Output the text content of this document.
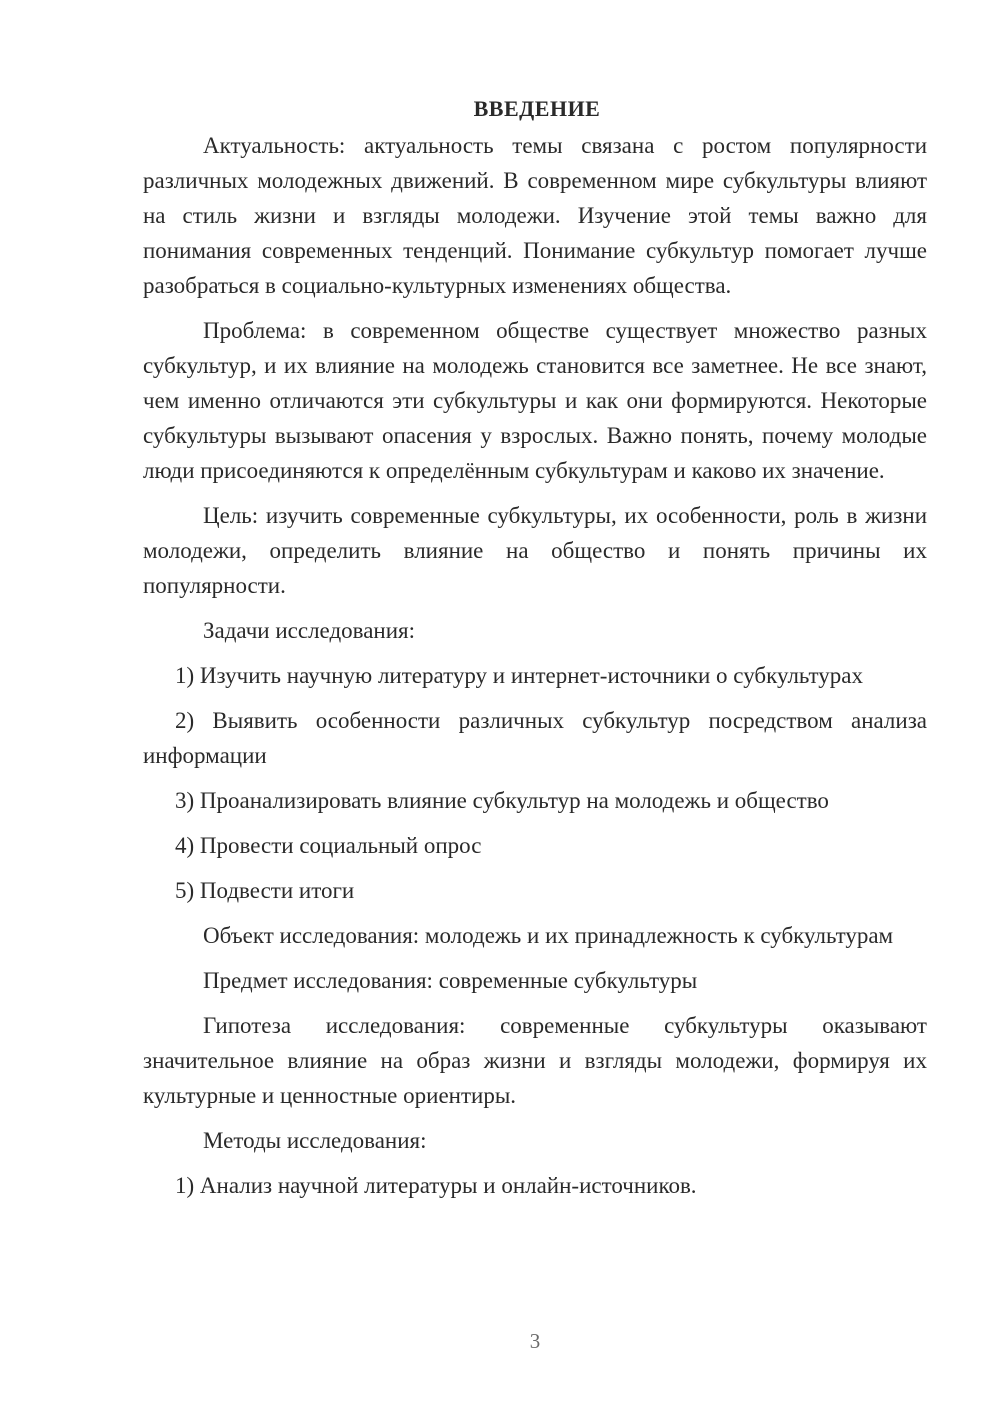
ВВЕДЕНИЕ

Актуальность: актуальность темы связана с ростом популярности различных молодежных движений. В современном мире субкультуры влияют на стиль жизни и взгляды молодежи. Изучение этой темы важно для понимания современных тенденций. Понимание субкультур помогает лучше разобраться в социально-культурных изменениях общества.

Проблема: в современном обществе существует множество разных субкультур, и их влияние на молодежь становится все заметнее. Не все знают, чем именно отличаются эти субкультуры и как они формируются. Некоторые субкультуры вызывают опасения у взрослых. Важно понять, почему молодые люди присоединяются к определённым субкультурам и каково их значение.

Цель: изучить современные субкультуры, их особенности, роль в жизни молодежи, определить влияние на общество и понять причины их популярности.

Задачи исследования:

1) Изучить научную литературу и интернет-источники о субкультурах

2) Выявить особенности различных субкультур посредством анализа информации

3) Проанализировать влияние субкультур на молодежь и общество

4) Провести социальный опрос

5) Подвести итоги

Объект исследования: молодежь и их принадлежность к субкультурам

Предмет исследования: современные субкультуры

Гипотеза исследования: современные субкультуры оказывают значительное влияние на образ жизни и взгляды молодежи, формируя их культурные и ценностные ориентиры.

Методы исследования:

1) Анализ научной литературы и онлайн-источников.

3
